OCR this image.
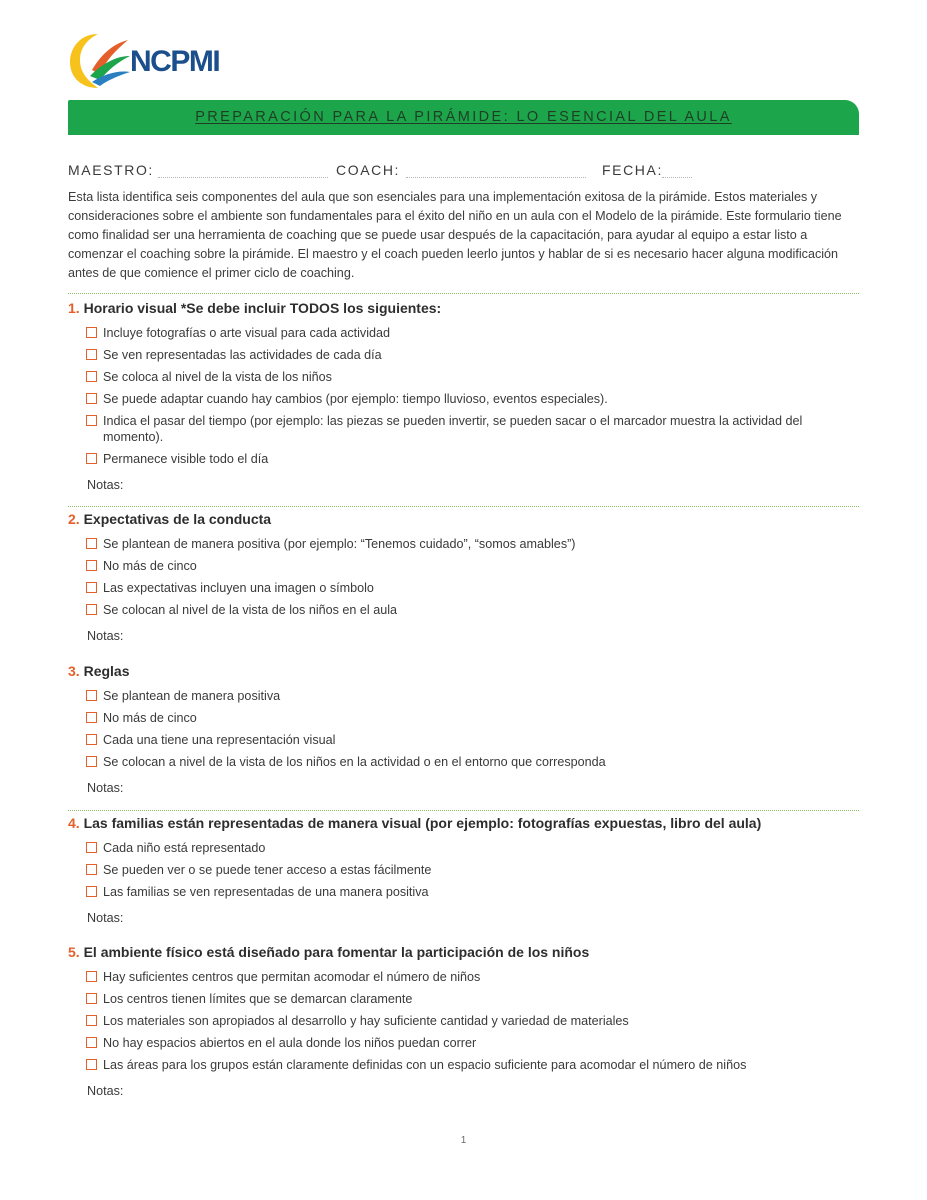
NCPMI
PREPARACIÓN PARA LA PIRÁMIDE: LO ESENCIAL DEL AULA
MAESTRO:	COACH:	FECHA:
Esta lista identifica seis componentes del aula que son esenciales para una implementación exitosa de la pirámide. Estos materiales y consideraciones sobre el ambiente son fundamentales para el éxito del niño en un aula con el Modelo de la pirámide. Este formulario tiene como finalidad ser una herramienta de coaching que se puede usar después de la capacitación, para ayudar al equipo a estar listo a comenzar el coaching sobre la pirámide. El maestro y el coach pueden leerlo juntos y hablar de si es necesario hacer alguna modificación antes de que comience el primer ciclo de coaching.
1. Horario visual *Se debe incluir TODOS los siguientes:
Incluye fotografías o arte visual para cada actividad
Se ven representadas las actividades de cada día
Se coloca al nivel de la vista de los niños
Se puede adaptar cuando hay cambios (por ejemplo: tiempo lluvioso, eventos especiales).
Indica el pasar del tiempo (por ejemplo: las piezas se pueden invertir, se pueden sacar o el marcador muestra la actividad del momento).
Permanece visible todo el día
Notas:
2. Expectativas de la conducta
Se plantean de manera positiva (por ejemplo: “Tenemos cuidado”, “somos amables”)
No más de cinco
Las expectativas incluyen una imagen o símbolo
Se colocan al nivel de la vista de los niños en el aula
Notas:
3. Reglas
Se plantean de manera positiva
No más de cinco
Cada una tiene una representación visual
Se colocan a nivel de la vista de los niños en la actividad o en el entorno que corresponda
Notas:
4. Las familias están representadas de manera visual (por ejemplo: fotografías expuestas, libro del aula)
Cada niño está representado
Se pueden ver o se puede tener acceso a estas fácilmente
Las familias se ven representadas de una manera positiva
Notas:
5. El ambiente físico está diseñado para fomentar la participación de los niños
Hay suficientes centros que permitan acomodar el número de niños
Los centros tienen límites que se demarcan claramente
Los materiales son apropiados al desarrollo y hay suficiente cantidad y variedad de materiales
No hay espacios abiertos en el aula donde los niños puedan correr
Las áreas para los grupos están claramente definidas con un espacio suficiente para acomodar el número de niños
Notas:
1
